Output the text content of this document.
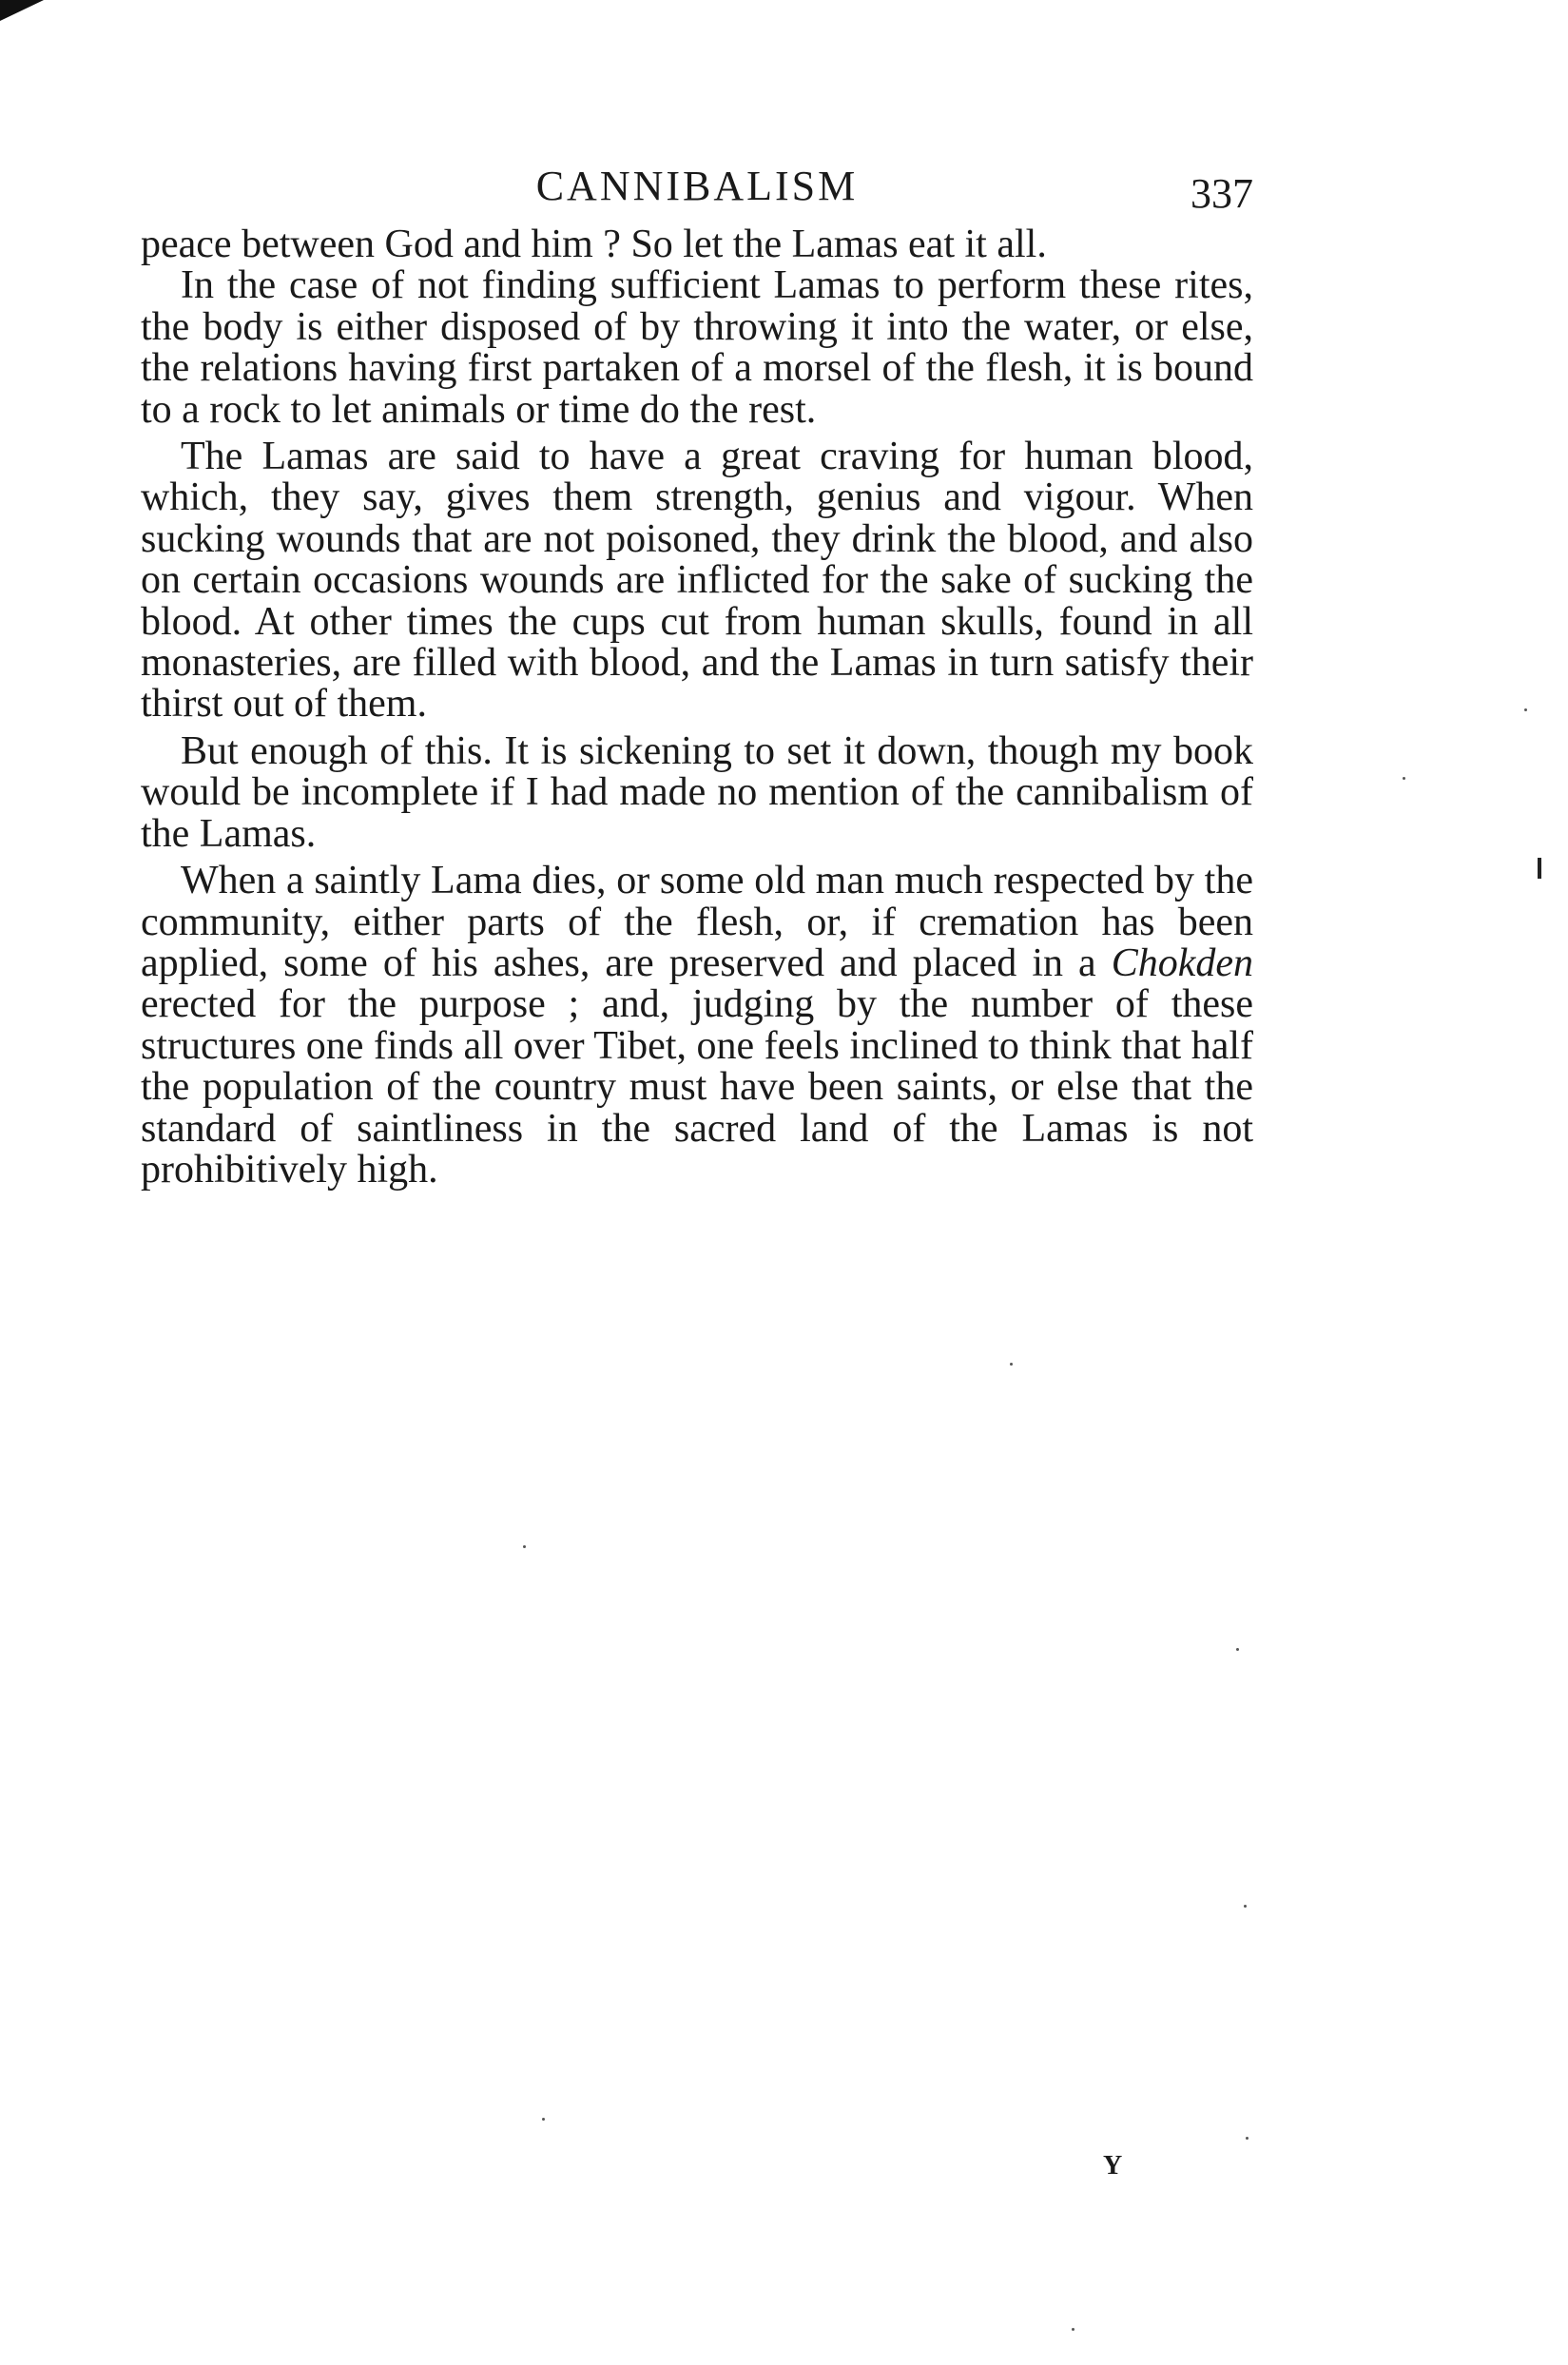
CANNIBALISM	337

peace between God and him ? So let the Lamas eat it all.

In the case of not finding sufficient Lamas to perform these rites, the body is either disposed of by throwing it into the water, or else, the relations having first partaken of a morsel of the flesh, it is bound to a rock to let animals or time do the rest.

The Lamas are said to have a great craving for human blood, which, they say, gives them strength, genius and vigour. When sucking wounds that are not poisoned, they drink the blood, and also on certain occasions wounds are inflicted for the sake of sucking the blood. At other times the cups cut from human skulls, found in all monasteries, are filled with blood, and the Lamas in turn satisfy their thirst out of them.

But enough of this. It is sickening to set it down, though my book would be incomplete if I had made no mention of the cannibalism of the Lamas.

When a saintly Lama dies, or some old man much respected by the community, either parts of the flesh, or, if cremation has been applied, some of his ashes, are preserved and placed in a Chokden erected for the purpose ; and, judging by the number of these structures one finds all over Tibet, one feels inclined to think that half the population of the country must have been saints, or else that the standard of saintliness in the sacred land of the Lamas is not prohibitively high.

Y
